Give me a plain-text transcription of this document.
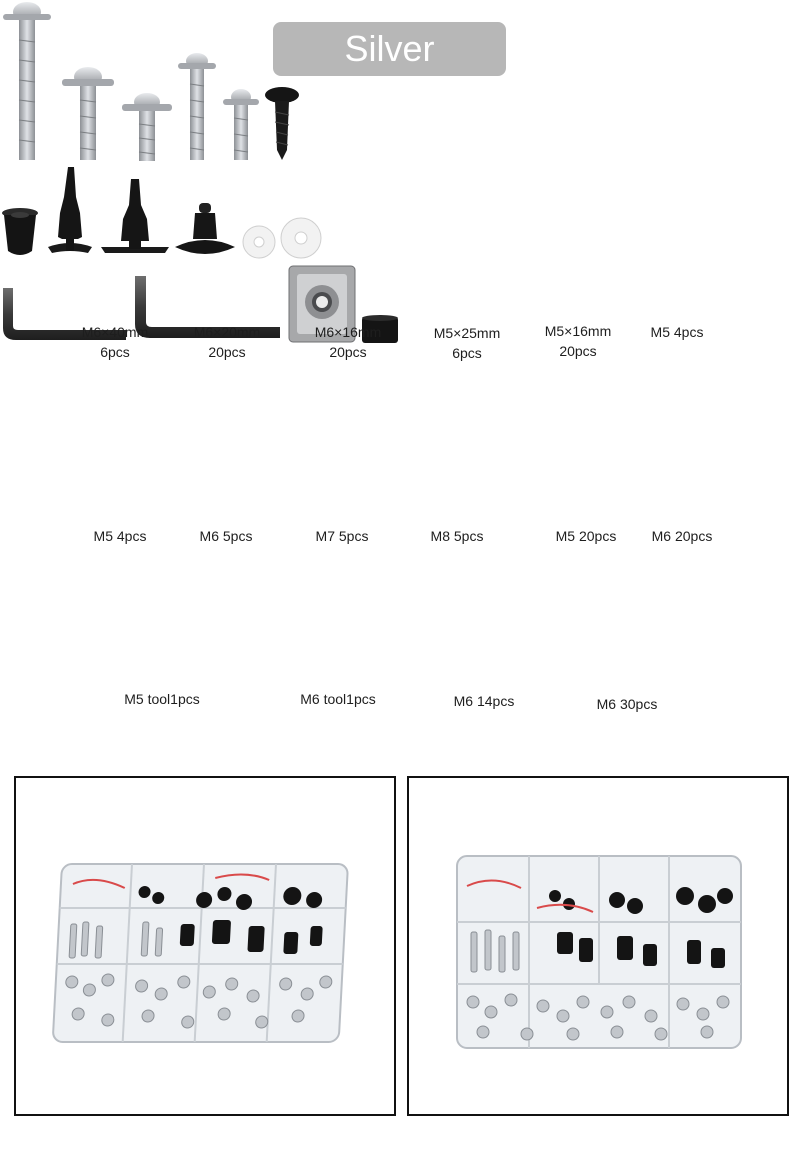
Silver

M6×40mm
6pcs
M6×20mm
20pcs
M6×16mm
20pcs
M5×25mm
6pcs
M5×16mm
20pcs
M5 4pcs

M5 4pcs	M6 5pcs	M7 5pcs	M8 5pcs	M5 20pcs	M6 20pcs

M5 tool1pcs	M6 tool1pcs	M6 14pcs	M6 30pcs
